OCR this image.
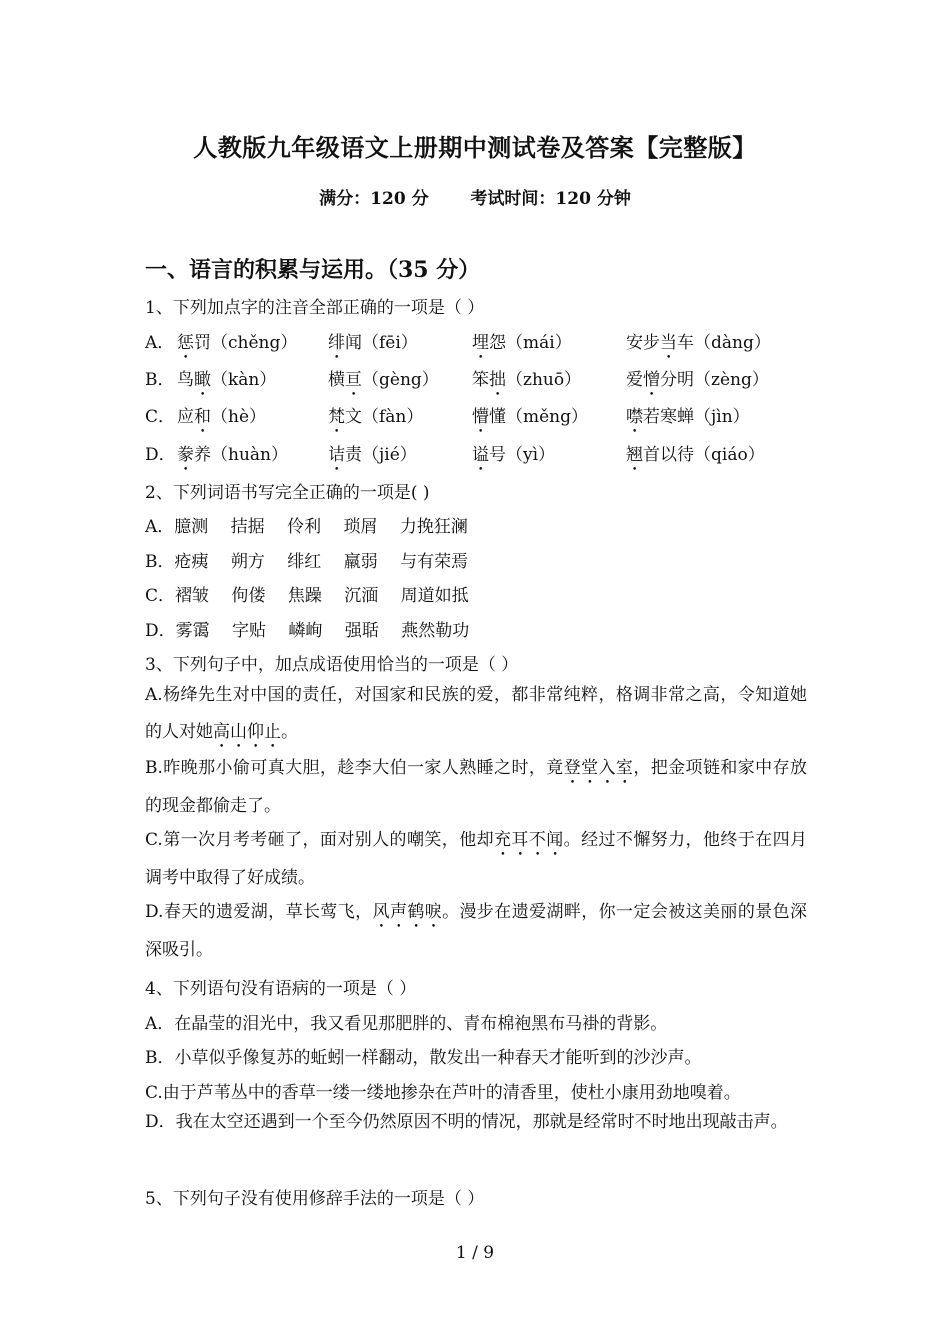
人教版九年级语文上册期中测试卷及答案【完整版】
满分：120 分 考试时间：120 分钟
一、语言的积累与运用。（35 分）
1、下列加点字的注音全部正确的一项是（ ）
A． 惩罚（chěng） 绯闻（fēi）	埋怨（mái）	安步当车（dàng）
B． 鸟瞰（kàn）	横亘（gèng） 笨拙（zhuō）	爱憎分明（zèng）
C． 应和（hè）	梵文（fàn）	懵懂（měng） 噤若寒蝉（jìn）
D． 豢养（huàn） 诘责（jié）	谥号（yì）	翘首以待（qiáo）
2、下列词语书写完全正确的一项是( )
A．臆测　 拮据　 伶利　 琐屑　 力挽狂澜
B．疮痍　 朔方　 绯红　 羸弱　 与有荣焉
C．褶皱　 佝偻　 焦躁　 沉湎　 周道如抵
D．雾霭　 字贴　 嶙峋　 强聒　 燕然勒功
3、下列句子中，加点成语使用恰当的一项是（ ）
A.杨绛先生对中国的责任，对国家和民族的爱，都非常纯粹，格调非常之高，令知道她的人对她高山仰止。
B.昨晚那小偷可真大胆，趁李大伯一家人熟睡之时，竟登堂入室，把金项链和家中存放的现金都偷走了。
C.第一次月考考砸了，面对别人的嘲笑，他却充耳不闻。经过不懈努力，他终于在四月调考中取得了好成绩。
D.春天的遗爱湖，草长莺飞，风声鹤唳。漫步在遗爱湖畔，你一定会被这美丽的景色深深吸引。
4、下列语句没有语病的一项是（ ）
A．在晶莹的泪光中，我又看见那肥胖的、青布棉袍黑布马褂的背影。
B．小草似乎像复苏的蚯蚓一样翻动，散发出一种春天才能听到的沙沙声。
C.由于芦苇丛中的香草一缕一缕地掺杂在芦叶的清香里，使杜小康用劲地嗅着。
D．我在太空还遇到一个至今仍然原因不明的情况，那就是经常时不时地出现敲击声。
5、下列句子没有使用修辞手法的一项是（ ）
1 / 9
